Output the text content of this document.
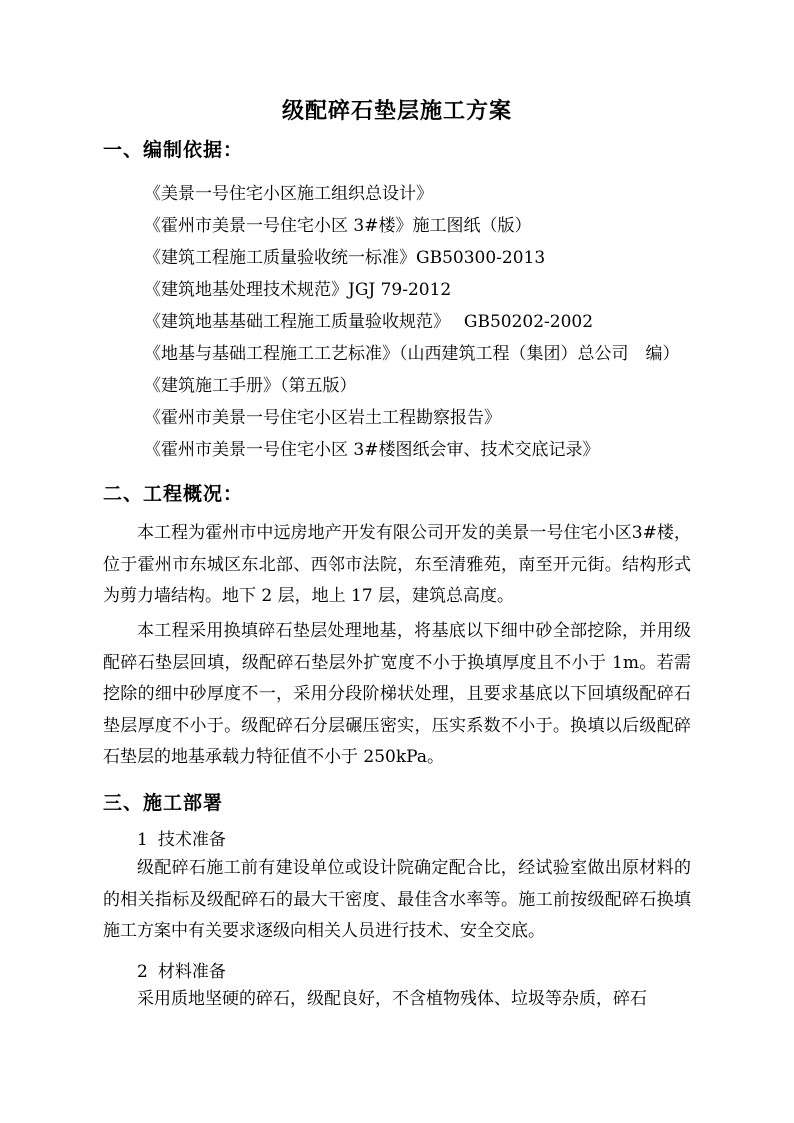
级配碎石垫层施工方案
一、编制依据：
《美景一号住宅小区施工组织总设计》
《霍州市美景一号住宅小区 3#楼》施工图纸（版）
《建筑工程施工质量验收统一标准》GB50300-2013
《建筑地基处理技术规范》JGJ 79-2012
《建筑地基基础工程施工质量验收规范》　 GB50202-2002
《地基与基础工程施工工艺标准》（山西建筑工程（集团）总公司　编）
《建筑施工手册》（第五版）
《霍州市美景一号住宅小区岩土工程勘察报告》
《霍州市美景一号住宅小区 3#楼图纸会审、技术交底记录》
二、工程概况：

本工程为霍州市中远房地产开发有限公司开发的美景一号住宅小区3#楼，位于霍州市东城区东北部、西邻市法院，东至清雅苑，南至开元街。结构形式为剪力墙结构。地下 2 层，地上 17 层，建筑总高度。

本工程采用换填碎石垫层处理地基，将基底以下细中砂全部挖除，并用级配碎石垫层回填，级配碎石垫层外扩宽度不小于换填厚度且不小于 1m。若需挖除的细中砂厚度不一，采用分段阶梯状处理，且要求基底以下回填级配碎石垫层厚度不小于。级配碎石分层碾压密实，压实系数不小于。换填以后级配碎石垫层的地基承载力特征值不小于 250kPa。

三、施工部署
1 技术准备

级配碎石施工前有建设单位或设计院确定配合比，经试验室做出原材料的的相关指标及级配碎石的最大干密度、最佳含水率等。施工前按级配碎石换填施工方案中有关要求逐级向相关人员进行技术、安全交底。

2 材料准备

采用质地坚硬的碎石，级配良好，不含植物残体、垃圾等杂质，碎石
